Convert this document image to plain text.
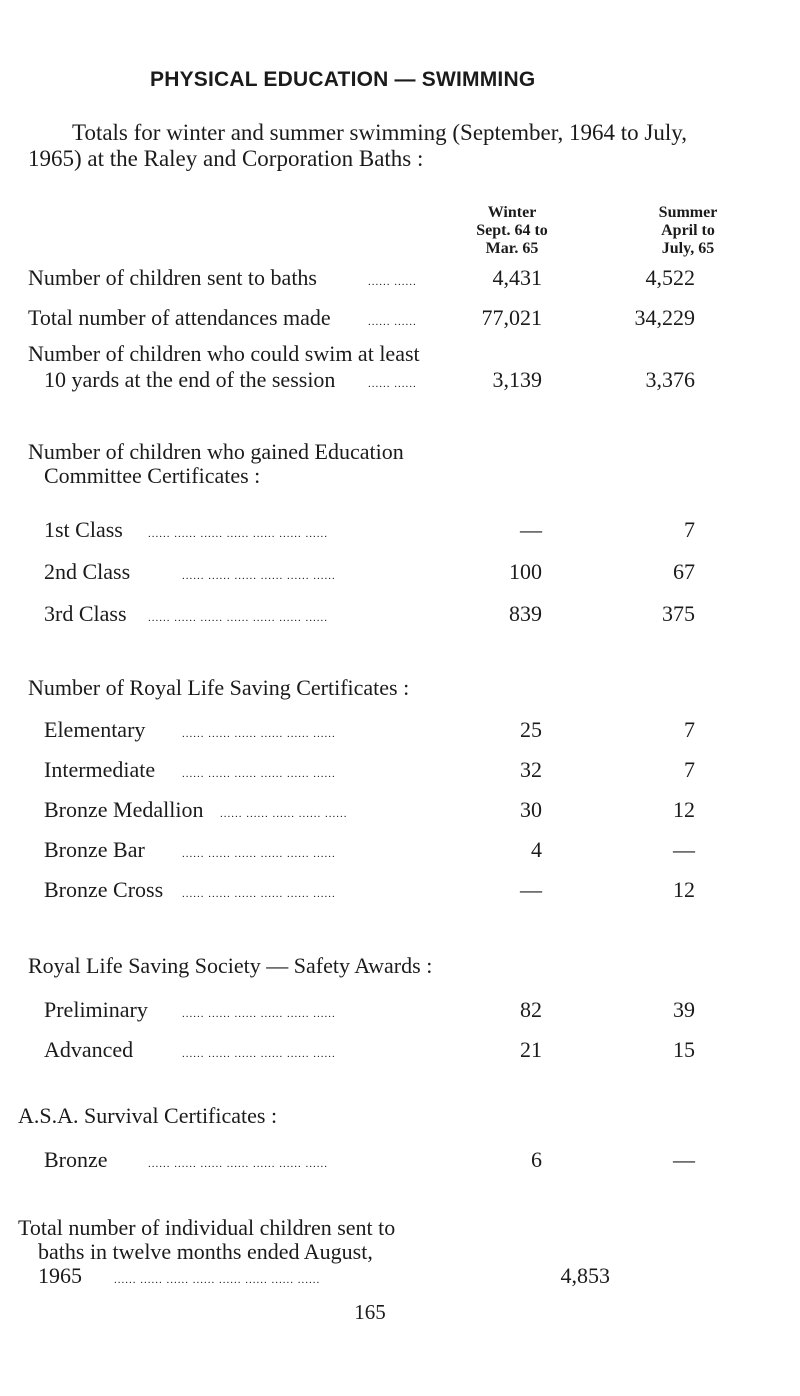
PHYSICAL EDUCATION — SWIMMING
Totals for winter and summer swimming (September, 1964 to July,
1965) at the Raley and Corporation Baths :
Winter
Sept. 64 to
Mar. 65
Summer
April to
July, 65
Number of children sent to baths	...... ......	4,431	4,522
Total number of attendances made	...... ......	77,021	34,229
Number of children who could swim at least
10 yards at the end of the session	...... ......	3,139	3,376
Number of children who gained Education
Committee Certificates :
1st Class ...... ...... ...... ...... ...... ...... ......	—	7
2nd Class	...... ...... ...... ...... ...... ......	100	67
3rd Class ...... ...... ...... ...... ...... ...... ......	839	375
Number of Royal Life Saving Certificates :
Elementary	...... ...... ...... ...... ...... ......	25	7
Intermediate ...... ...... ...... ...... ...... ......	32	7
Bronze Medallion ...... ...... ...... ...... ......	30	12
Bronze Bar	...... ...... ...... ...... ...... ......	4	—
Bronze Cross ...... ...... ...... ...... ...... ......	—	12
Royal Life Saving Society — Safety Awards :
Preliminary	...... ...... ...... ...... ...... ......	82	39
Advanced	...... ...... ...... ...... ...... ......	21	15
A.S.A. Survival Certificates :
Bronze	...... ...... ...... ...... ...... ...... ......	6	—
Total number of individual children sent to
baths in twelve months ended August,
1965	...... ...... ...... ...... ...... ...... ...... ......	4,853
165
